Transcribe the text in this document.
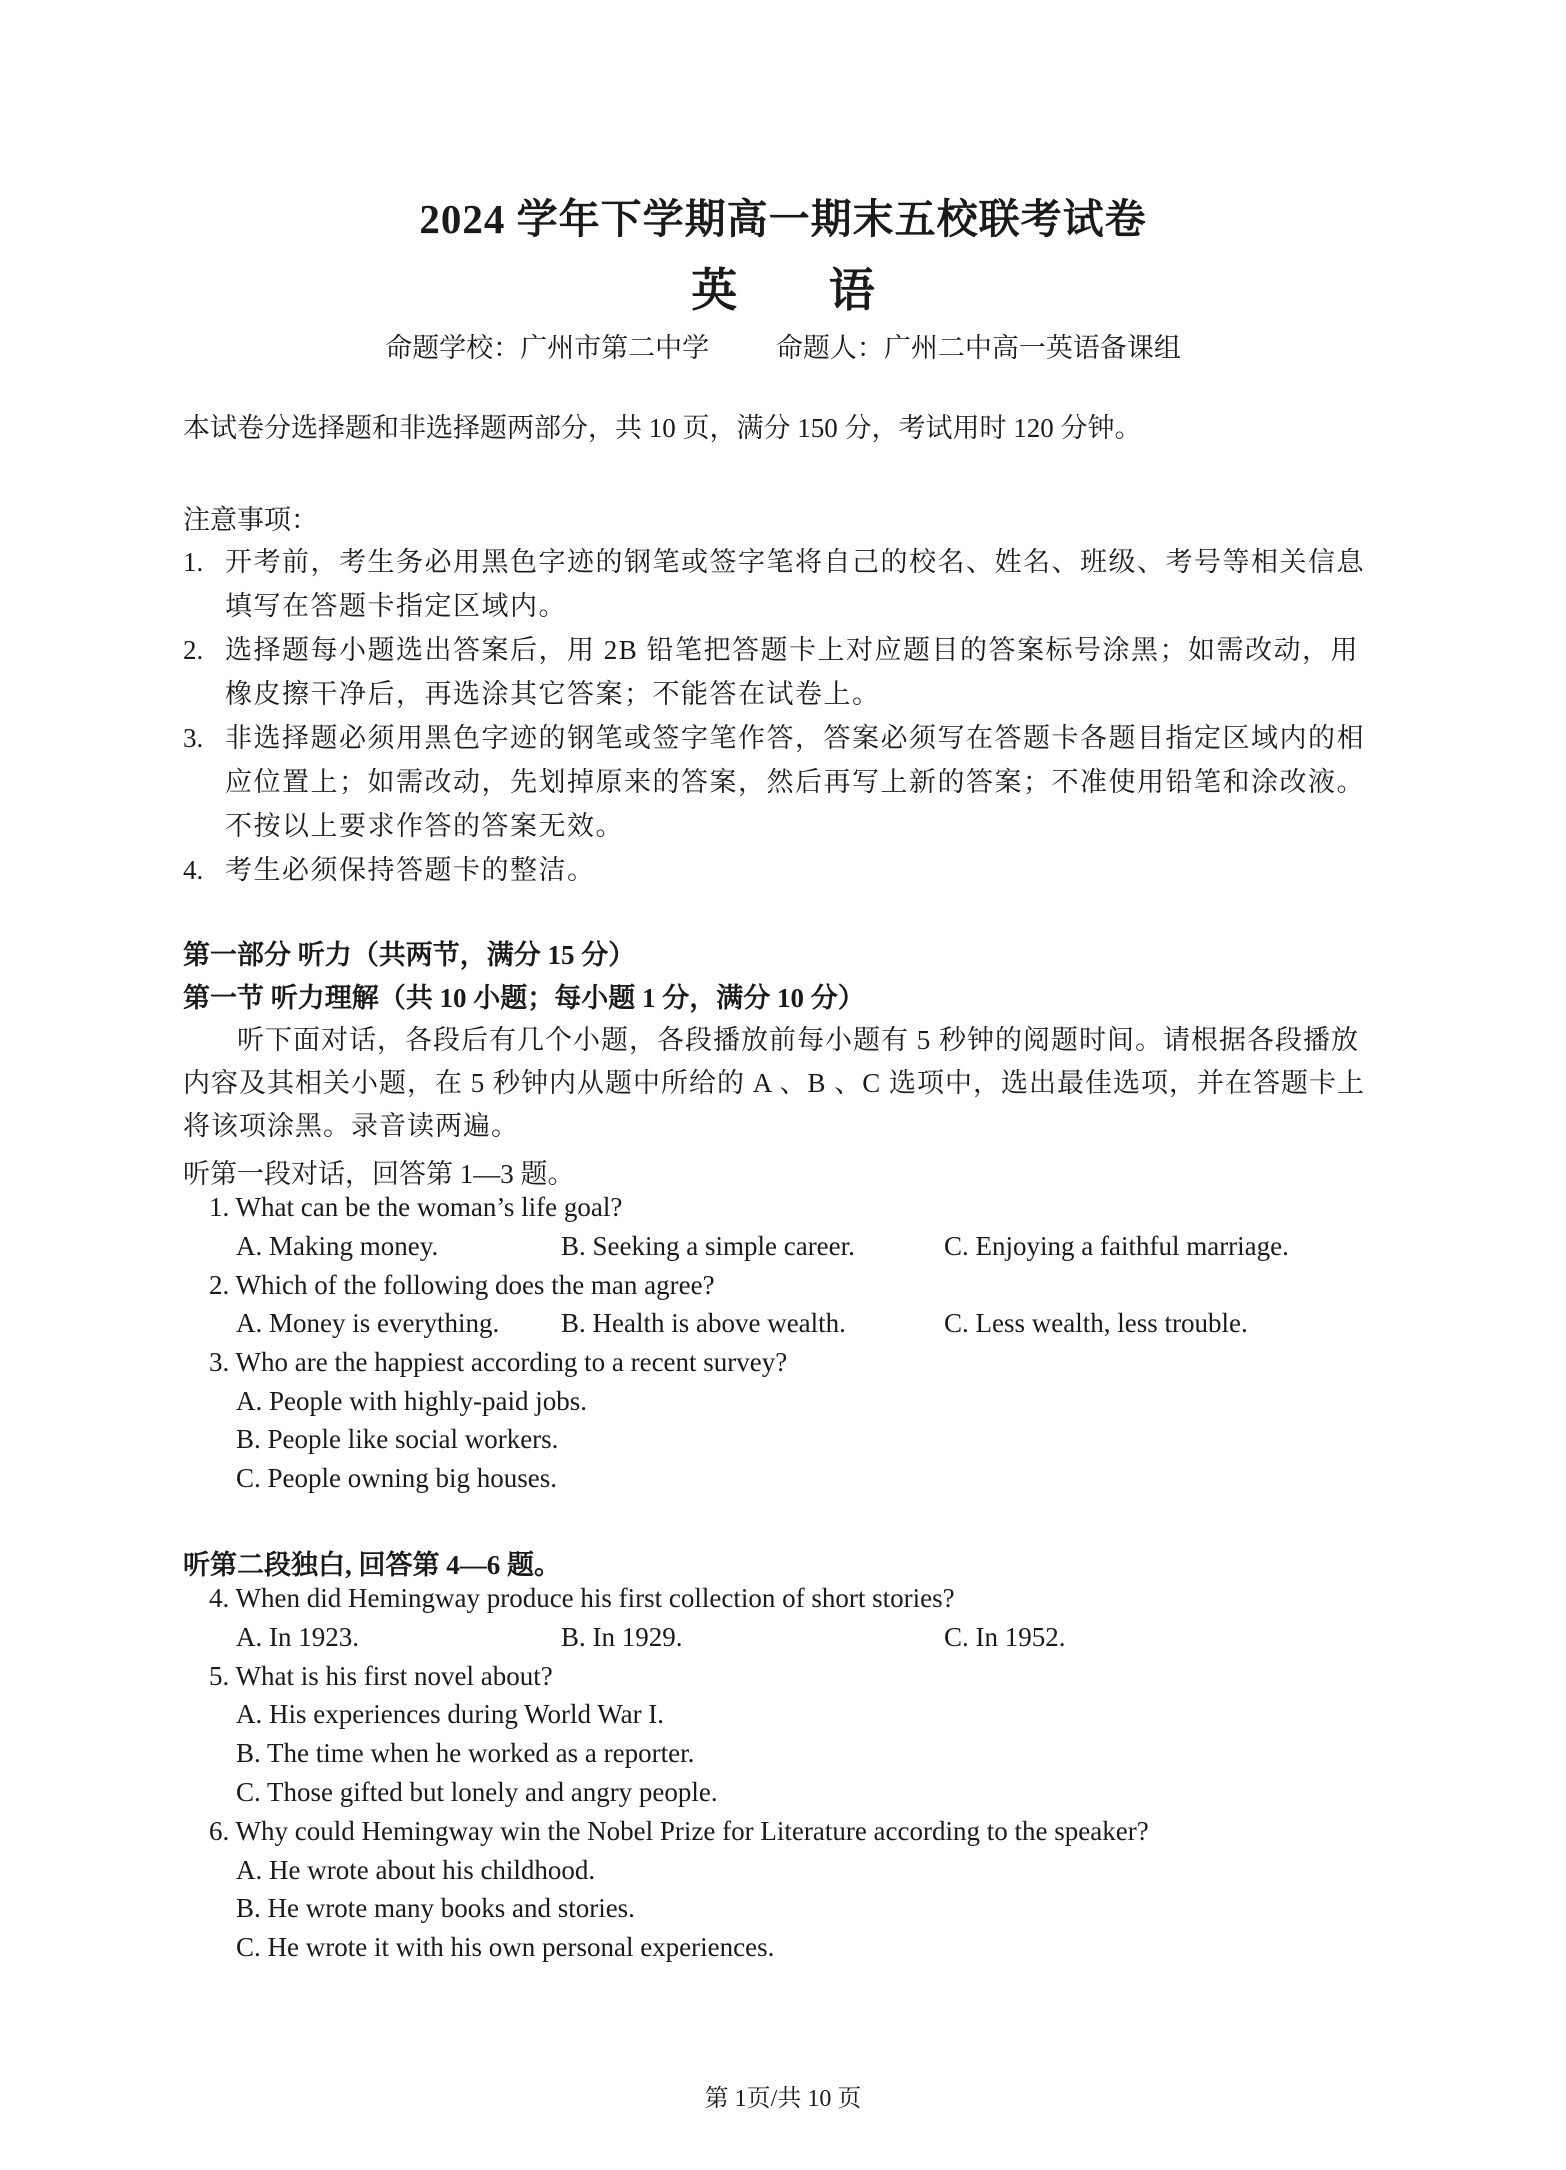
2024 学年下学期高一期末五校联考试卷
英 语
命题学校：广州市第二中学 命题人：广州二中高一英语备课组
本试卷分选择题和非选择题两部分，共 10 页，满分 150 分，考试用时 120 分钟。
注意事项：
1. 开考前，考生务必用黑色字迹的钢笔或签字笔将自己的校名、姓名、班级、考号等相关信息填写在答题卡指定区域内。
2. 选择题每小题选出答案后，用 2B 铅笔把答题卡上对应题目的答案标号涂黑；如需改动，用橡皮擦干净后，再选涂其它答案；不能答在试卷上。
3. 非选择题必须用黑色字迹的钢笔或签字笔作答，答案必须写在答题卡各题目指定区域内的相应位置上；如需改动，先划掉原来的答案，然后再写上新的答案；不准使用铅笔和涂改液。不按以上要求作答的答案无效。
4. 考生必须保持答题卡的整洁。
第一部分 听力（共两节，满分 15 分）
第一节 听力理解（共 10 小题；每小题 1 分，满分 10 分）
听下面对话，各段后有几个小题，各段播放前每小题有 5 秒钟的阅题时间。请根据各段播放内容及其相关小题，在 5 秒钟内从题中所给的 A 、B 、C 选项中，选出最佳选项，并在答题卡上将该项涂黑。录音读两遍。
听第一段对话，回答第 1—3 题。
1. What can be the woman’s life goal?
A. Making money.	B. Seeking a simple career.	C. Enjoying a faithful marriage.
2. Which of the following does the man agree?
A. Money is everything. B. Health is above wealth.	C. Less wealth, less trouble.
3. Who are the happiest according to a recent survey?
A. People with highly-paid jobs.
B. People like social workers.
C. People owning big houses.
听第二段独白, 回答第 4—6 题。
4. When did Hemingway produce his first collection of short stories?
A. In 1923.	B. In 1929.	C. In 1952.
5. What is his first novel about?
A. His experiences during World War I.
B. The time when he worked as a reporter.
C. Those gifted but lonely and angry people.
6. Why could Hemingway win the Nobel Prize for Literature according to the speaker?
A. He wrote about his childhood.
B. He wrote many books and stories.
C. He wrote it with his own personal experiences.
第 1页/共 10 页
